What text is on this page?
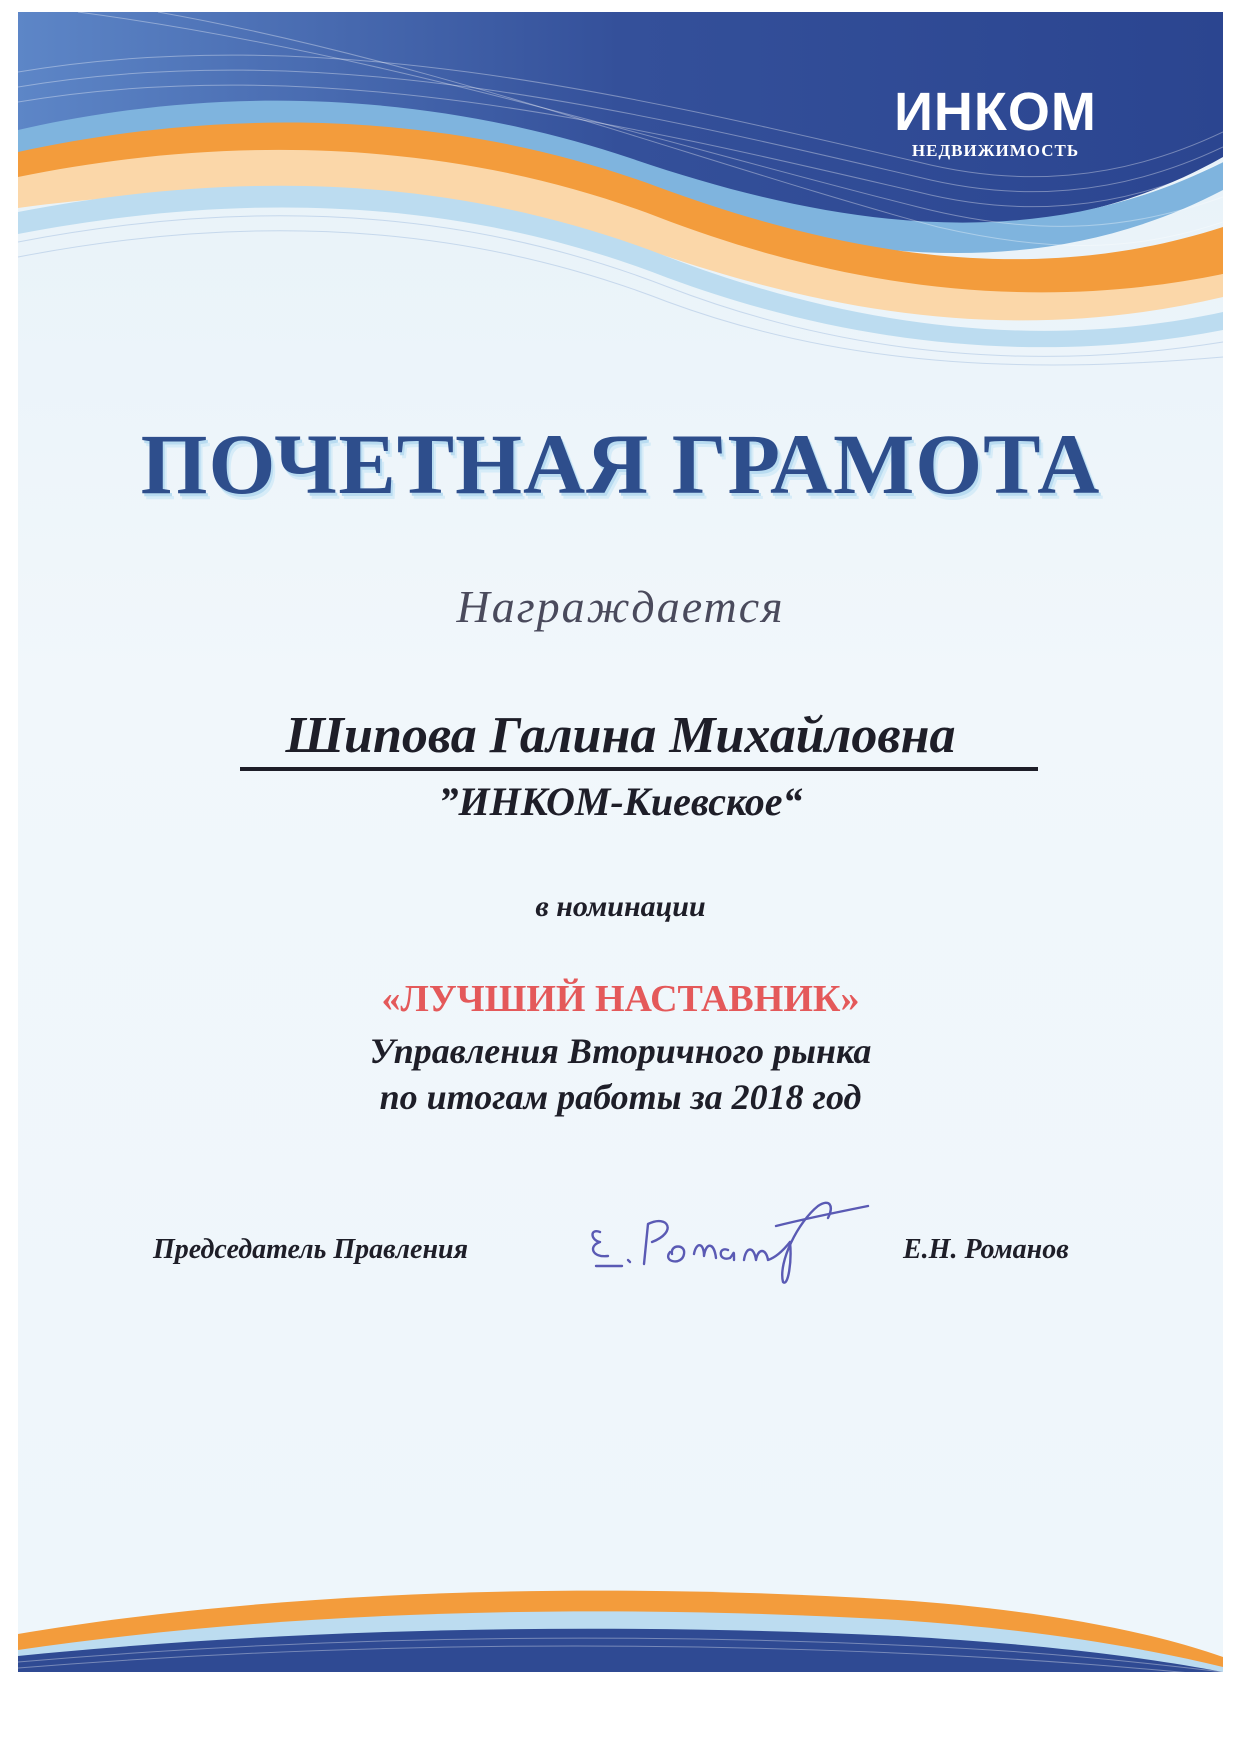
ИНКОМ
НЕДВИЖИМОСТЬ
ПОЧЕТНАЯ ГРАМОТА
Награждается
Шипова Галина Михайловна
”ИНКОМ-Киевское“
в номинации
«ЛУЧШИЙ НАСТАВНИК»
Управления Вторичного рынка
по итогам работы за 2018 год
Председатель Правления	Е.Н. Романов
